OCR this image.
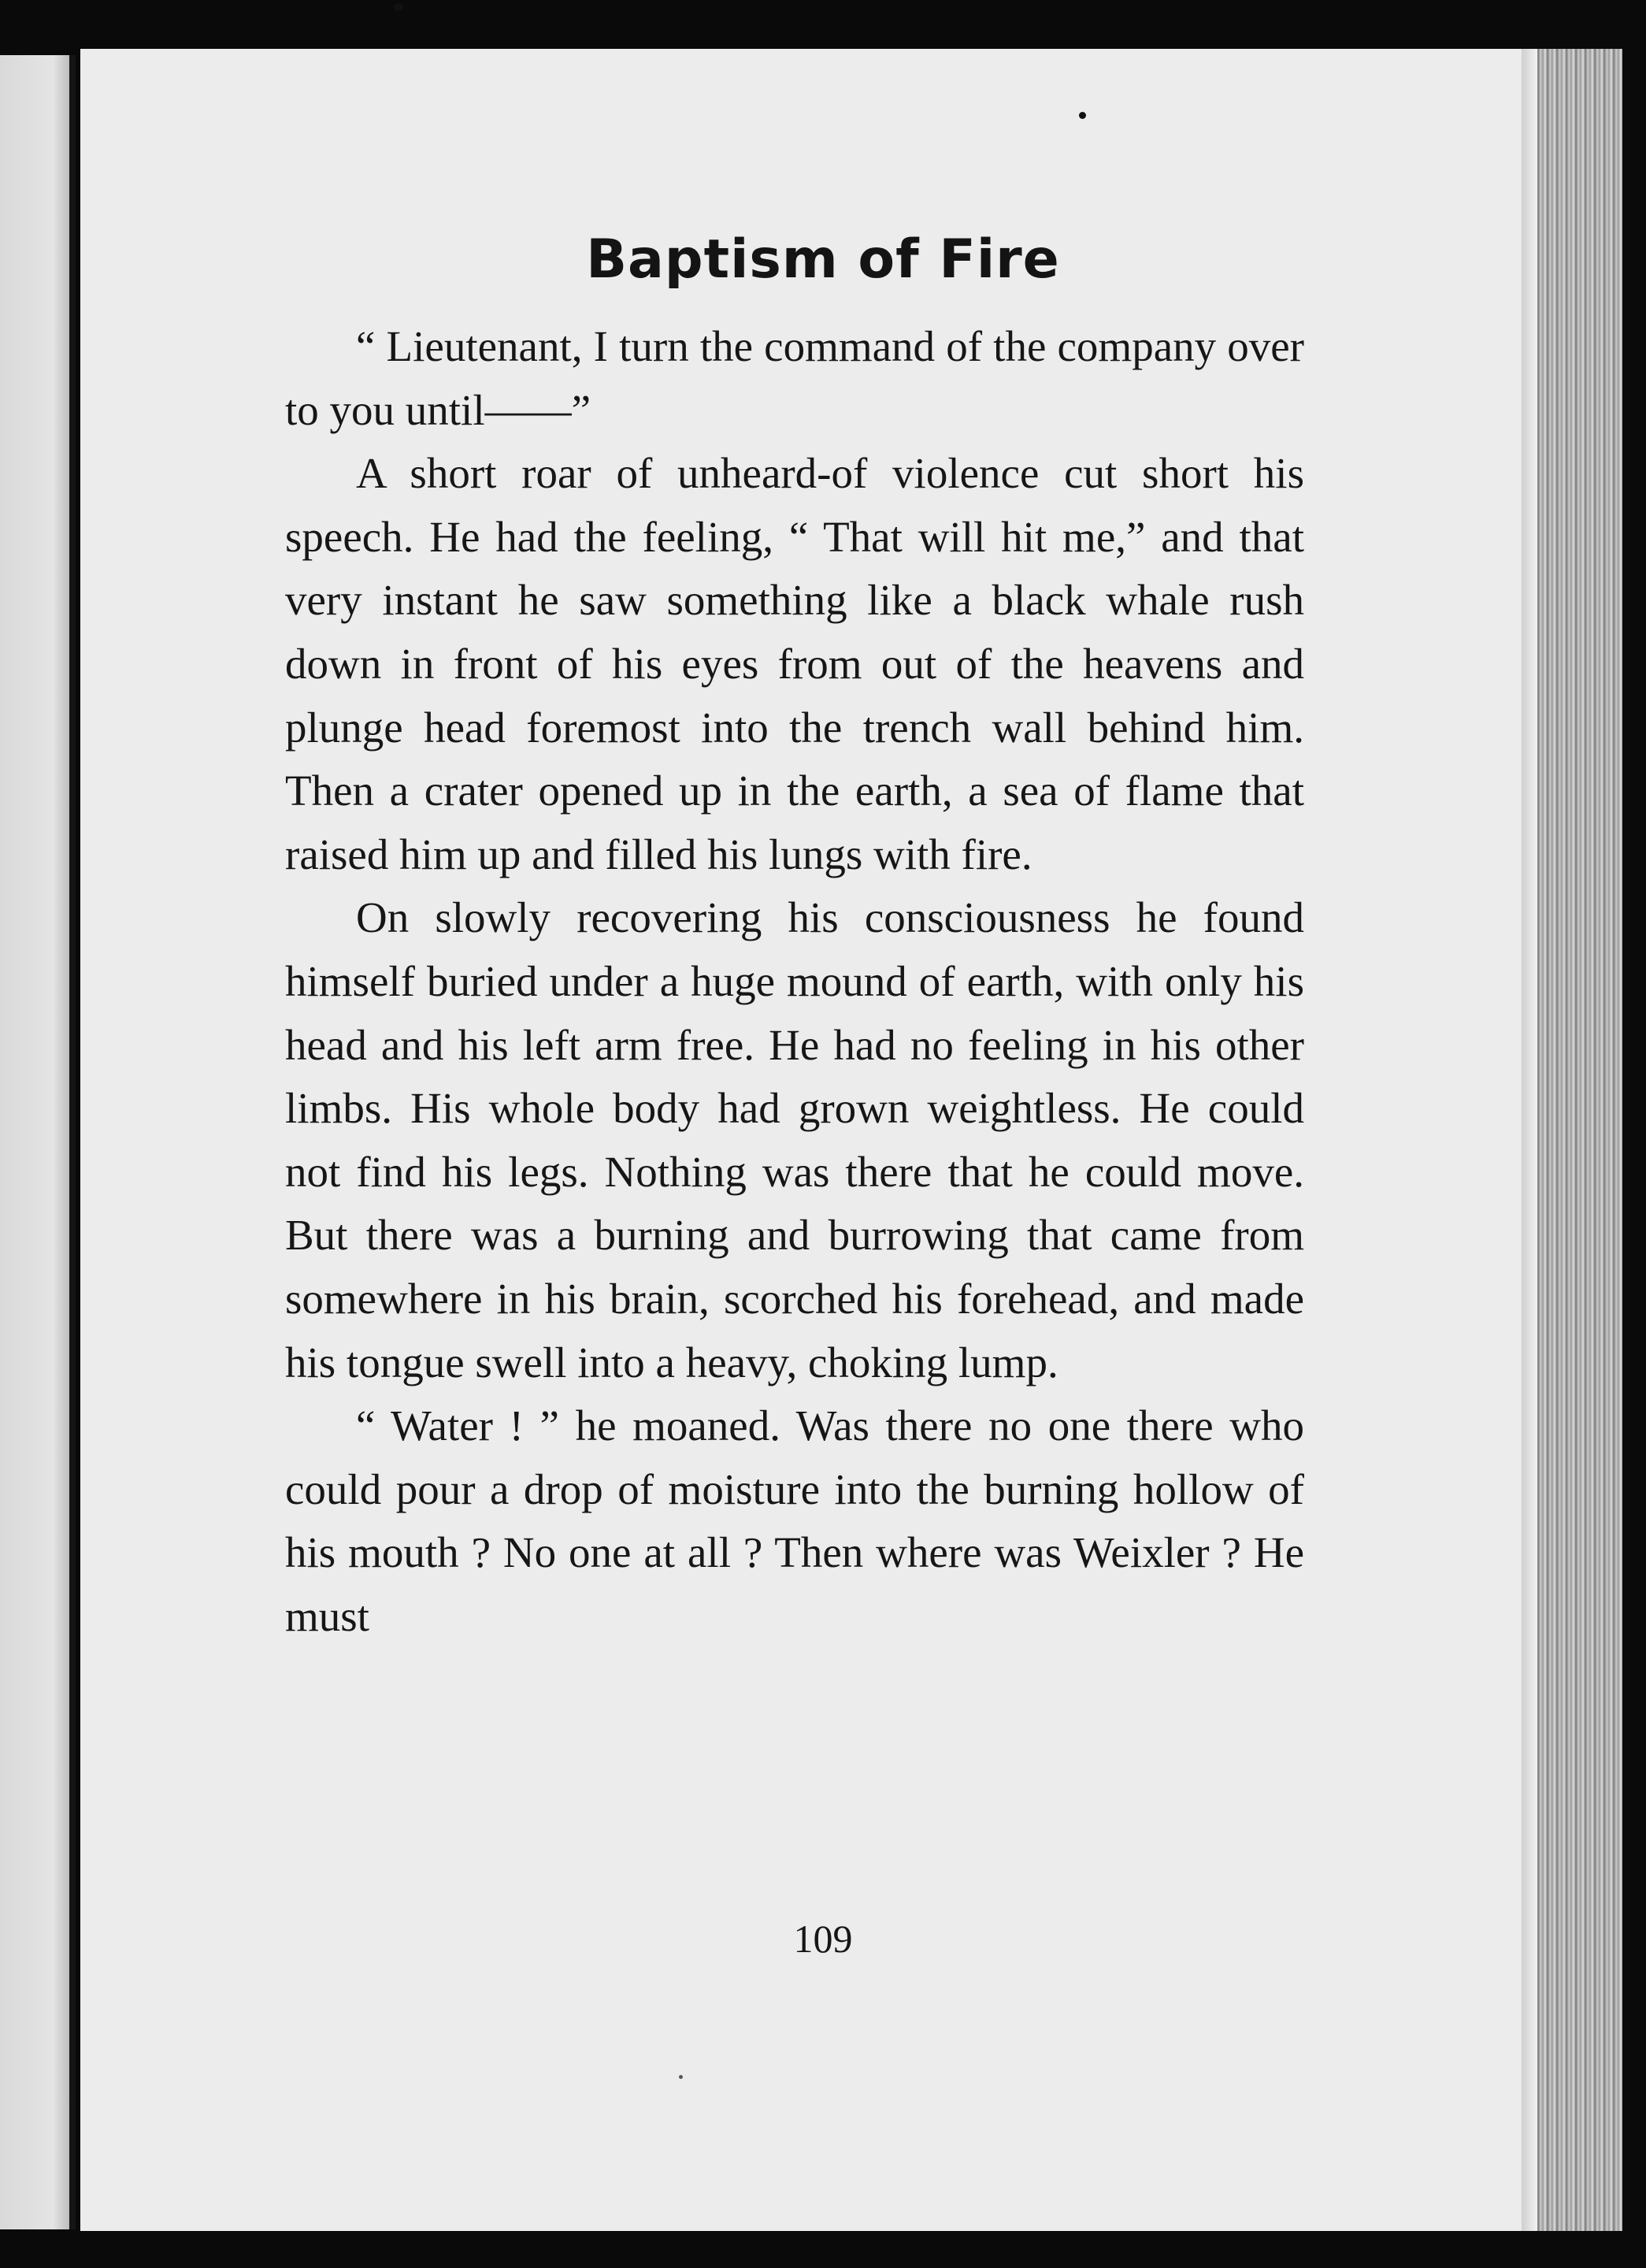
Baptism of Fire

“ Lieutenant, I turn the command of the company over to you until——”

A short roar of unheard-of violence cut short his speech. He had the feeling, “ That will hit me,” and that very instant he saw something like a black whale rush down in front of his eyes from out of the heavens and plunge head foremost into the trench wall behind him. Then a crater opened up in the earth, a sea of flame that raised him up and filled his lungs with fire.

On slowly recovering his consciousness he found himself buried under a huge mound of earth, with only his head and his left arm free. He had no feeling in his other limbs. His whole body had grown weightless. He could not find his legs. Nothing was there that he could move. But there was a burning and burrowing that came from somewhere in his brain, scorched his forehead, and made his tongue swell into a heavy, choking lump.

“ Water ! ” he moaned. Was there no one there who could pour a drop of moisture into the burning hollow of his mouth ? No one at all ? Then where was Weixler ? He must

109
